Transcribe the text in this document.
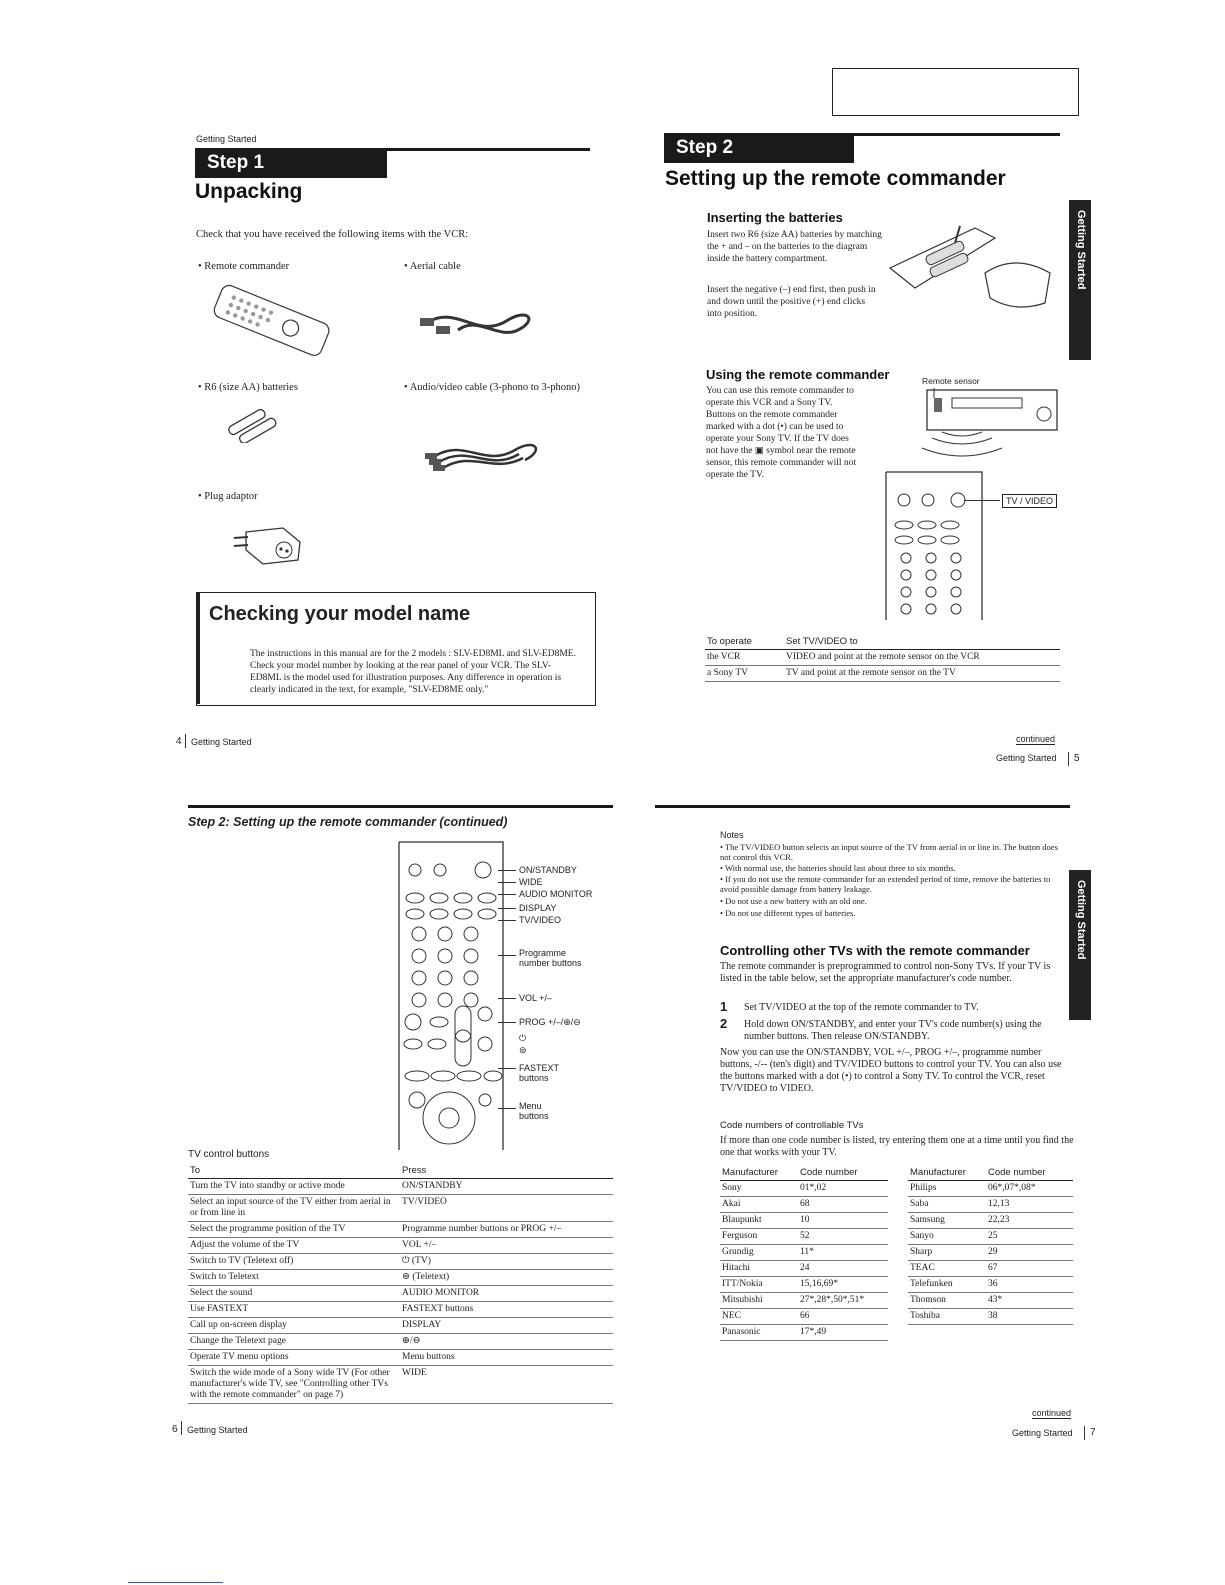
Getting Started
Step 1
Unpacking
Check that you have received the following items with the VCR:
• Remote commander	• Aerial cable
• R6 (size AA) batteries	• Audio/video cable (3-phono to 3-phono)
• Plug adaptor
Checking your model name
The instructions in this manual are for the 2 models : SLV-ED8ML and SLV-ED8ME. Check your model number by looking at the rear panel of your VCR. The SLV-ED8ML is the model used for illustration purposes. Any difference in operation is clearly indicated in the text, for example, "SLV-ED8ME only."
4 Getting Started
Step 2
Setting up the remote commander
Getting Started
Inserting the batteries
Insert two R6 (size AA) batteries by matching the + and – on the batteries to the diagram inside the battery compartment.
Insert the negative (–) end first, then push in and down until the positive (+) end clicks into position.
Using the remote commander
You can use this remote commander to operate this VCR and a Sony TV. Buttons on the remote commander marked with a dot (•) can be used to operate your Sony TV. If the TV does not have the ▣ symbol near the remote sensor, this remote commander will not operate the TV.
Remote sensor
TV / VIDEO
To operate	Set TV/VIDEO to
the VCR	VIDEO and point at the remote sensor on the VCR
a Sony TV	TV and point at the remote sensor on the TV
continued
Getting Started 5
Step 2: Setting up the remote commander (continued)
ON/STANDBY
WIDE
AUDIO MONITOR
DISPLAY
TV/VIDEO
Programme number buttons
VOL +/–
PROG +/–/⊕/⊖
⏻
⊜
FASTEXT buttons
Menu buttons
TV control buttons
To	Press
Turn the TV into standby or active mode	ON/STANDBY
Select an input source of the TV either from aerial in or from line in	TV/VIDEO
Select the programme position of the TV	Programme number buttons or PROG +/–
Adjust the volume of the TV	VOL +/–
Switch to TV (Teletext off)	⏻ (TV)
Switch to Teletext	⊜ (Teletext)
Select the sound	AUDIO MONITOR
Use FASTEXT	FASTEXT buttons
Call up on-screen display	DISPLAY
Change the Teletext page	⊕/⊖
Operate TV menu options	Menu buttons
Switch the wide mode of a Sony wide TV (For other manufacturer's wide TV, see "Controlling other TVs with the remote commander" on page 7)	WIDE
6 Getting Started
Notes
• The TV/VIDEO button selects an input source of the TV from aerial in or line in. The button does not control this VCR.
• With normal use, the batteries should last about three to six months.
• If you do not use the remote commander for an extended period of time, remove the batteries to avoid possible damage from battery leakage.
• Do not use a new battery with an old one.
• Do not use different types of batteries.	Getting Started
Controlling other TVs with the remote commander
The remote commander is preprogrammed to control non-Sony TVs. If your TV is listed in the table below, set the appropriate manufacturer's code number.
1 Set TV/VIDEO at the top of the remote commander to TV.
2 Hold down ON/STANDBY, and enter your TV's code number(s) using the number buttons. Then release ON/STANDBY.
Now you can use the ON/STANDBY, VOL +/–, PROG +/–, programme number buttons, -/-- (ten's digit) and TV/VIDEO buttons to control your TV. You can also use the buttons marked with a dot (•) to control a Sony TV. To control the VCR, reset TV/VIDEO to VIDEO.
Code numbers of controllable TVs
If more than one code number is listed, try entering them one at a time until you find the one that works with your TV.
Manufacturer	Code number
Sony	01*,02
Akai	68
Blaupunkt	10
Ferguson	52
Grundig	11*
Hitachi	24
ITT/Nokia	15,16,69*
Mitsubishi	27*,28*,50*,51*
NEC	66
Panasonic	17*,49
Manufacturer	Code number
Philips	06*,07*,08*
Saba	12,13
Samsung	22,23
Sanyo	25
Sharp	29
TEAC	67
Telefunken	36
Thomson	43*
Toshiba	38
continued
Getting Started 7
